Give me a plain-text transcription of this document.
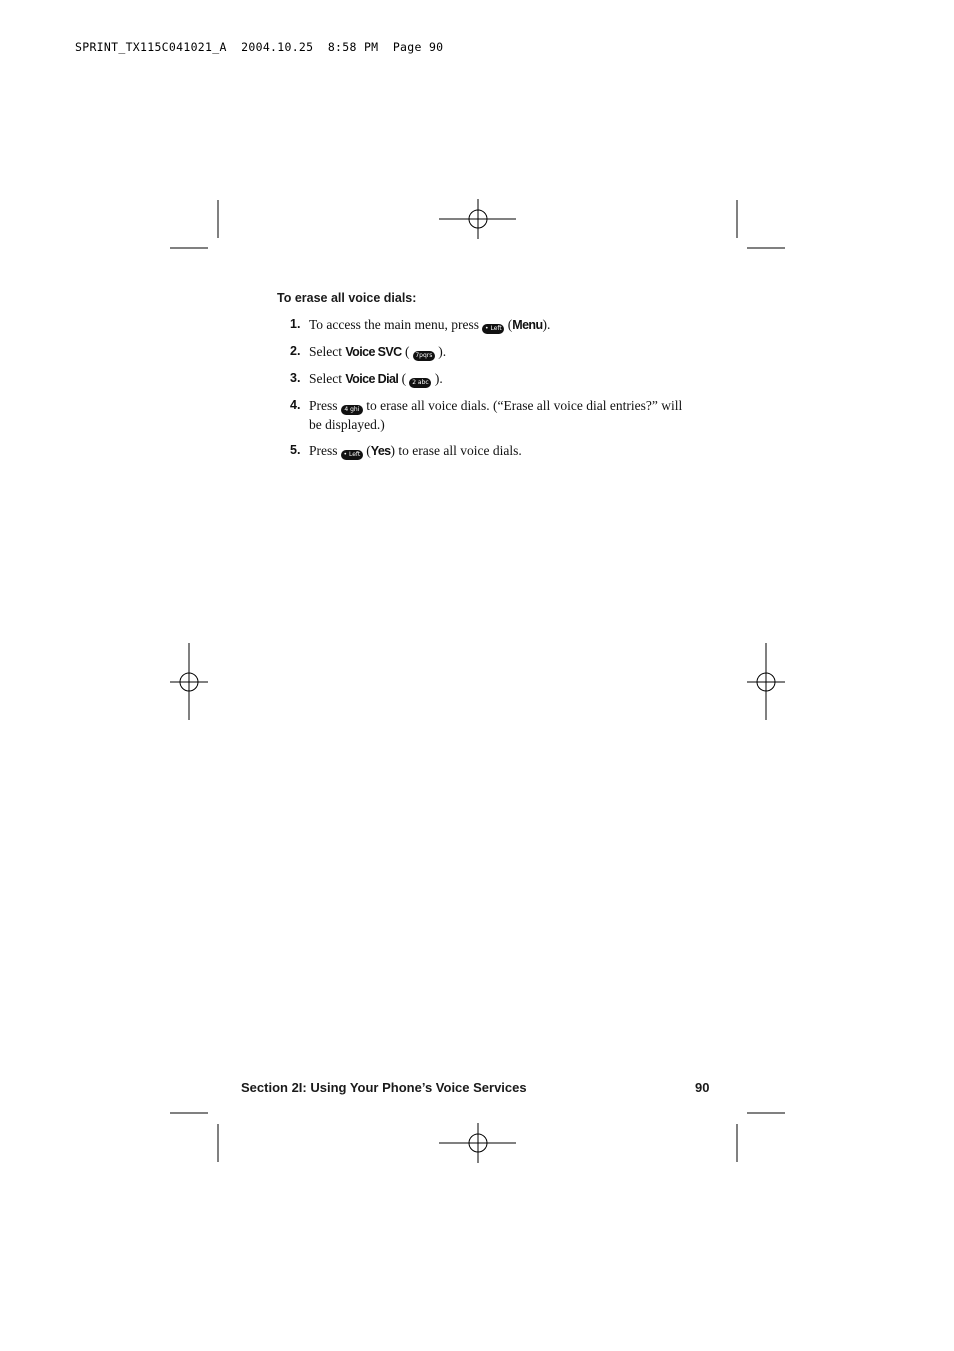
SPRINT_TX115C041021_A  2004.10.25  8:58 PM  Page 90
To erase all voice dials:
1. To access the main menu, press • Left (Menu).
2. Select Voice SVC ( 7pqrs ).
3. Select Voice Dial ( 2 abc ).
4. Press 4 ghi to erase all voice dials. (“Erase all voice dial entries?” will be displayed.)
5. Press • Left (Yes) to erase all voice dials.
Section 2I: Using Your Phone’s Voice Services	90
